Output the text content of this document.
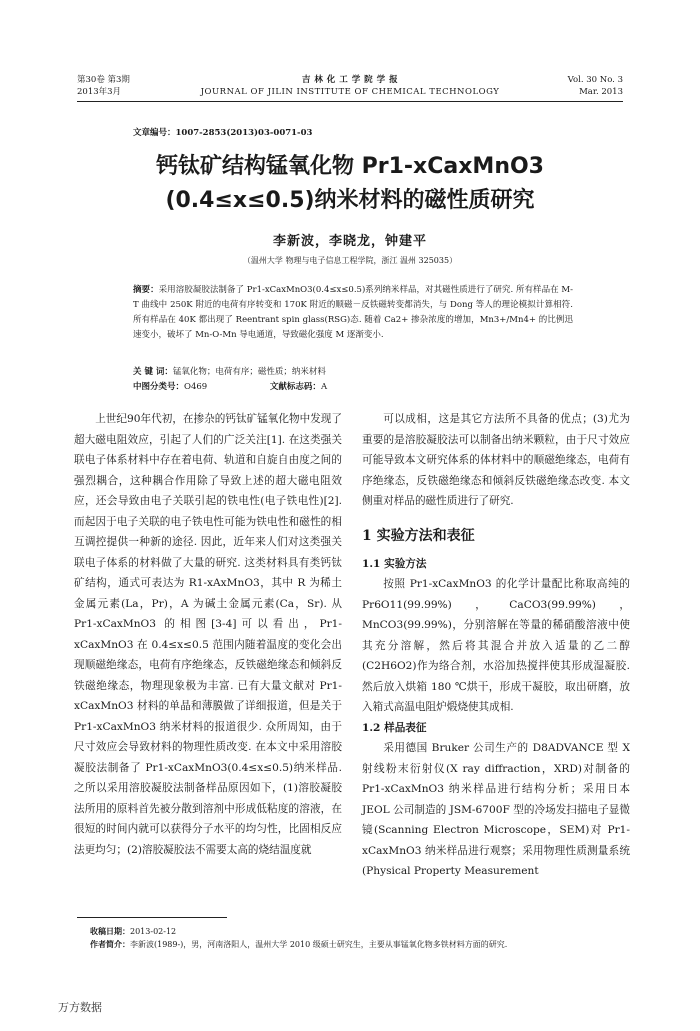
第30卷 第3期
2013年3月
吉 林 化 工 学 院 学 报
JOURNAL OF JILIN INSTITUTE OF CHEMICAL TECHNOLOGY
Vol. 30 No. 3
Mar. 2013
文章编号：1007-2853(2013)03-0071-03
钙钛矿结构锰氧化物 Pr1-xCaxMnO3
(0.4≤x≤0.5)纳米材料的磁性质研究
李新波，李晓龙，钟建平
（温州大学 物理与电子信息工程学院，浙江 温州 325035）
摘要：采用溶胶凝胶法制备了 Pr1-xCaxMnO3(0.4≤x≤0.5)系列纳米样品，对其磁性质进行了研究. 所有样品在 M-T 曲线中 250K 附近的电荷有序转变和 170K 附近的顺磁－反铁磁转变都消失，与 Dong 等人的理论模拟计算相符. 所有样品在 40K 都出现了 Reentrant spin glass(RSG)态. 随着 Ca2+ 掺杂浓度的增加，Mn3+/Mn4+ 的比例迅速变小，破坏了 Mn-O-Mn 导电通道，导致磁化强度 M 逐渐变小.
关 键 词：锰氧化物；电荷有序；磁性质；纳米材料
中图分类号：O469	文献标志码：A

上世纪90年代初，在掺杂的钙钛矿锰氧化物中发现了超大磁电阻效应，引起了人们的广泛关注[1]. 在这类强关联电子体系材料中存在着电荷、轨道和自旋自由度之间的强烈耦合，这种耦合作用除了导致上述的超大磁电阻效应，还会导致由电子关联引起的铁电性(电子铁电性)[2]. 而起因于电子关联的电子铁电性可能为铁电性和磁性的相互调控提供一种新的途径. 因此，近年来人们对这类强关联电子体系的材料做了大量的研究. 这类材料具有类钙钛矿结构，通式可表达为 R1-xAxMnO3，其中 R 为稀土金属元素(La，Pr)，A 为碱土金属元素(Ca，Sr). 从 Pr1-xCaxMnO3 的相图[3-4]可以看出，Pr1-xCaxMnO3 在 0.4≤x≤0.5 范围内随着温度的变化会出现顺磁绝缘态，电荷有序绝缘态，反铁磁绝缘态和倾斜反铁磁绝缘态，物理现象极为丰富. 已有大量文献对 Pr1-xCaxMnO3 材料的单晶和薄膜做了详细报道，但是关于 Pr1-xCaxMnO3 纳米材料的报道很少. 众所周知，由于尺寸效应会导致材料的物理性质改变. 在本文中采用溶胶凝胶法制备了 Pr1-xCaxMnO3(0.4≤x≤0.5)纳米样品. 之所以采用溶胶凝胶法制备样品原因如下，(1)溶胶凝胶法所用的原料首先被分散到溶剂中形成低粘度的溶液，在很短的时间内就可以获得分子水平的均匀性，比固相反应法更均匀；(2)溶胶凝胶法不需要太高的烧结温度就

可以成相，这是其它方法所不具备的优点；(3)尤为重要的是溶胶凝胶法可以制备出纳米颗粒，由于尺寸效应可能导致本文研究体系的体材料中的顺磁绝缘态，电荷有序绝缘态，反铁磁绝缘态和倾斜反铁磁绝缘态改变. 本文侧重对样品的磁性质进行了研究.

1 实验方法和表征
1.1 实验方法

按照 Pr1-xCaxMnO3 的化学计量配比称取高纯的 Pr6O11(99.99%)，CaCO3(99.99%)，MnCO3(99.99%)，分别溶解在等量的稀硝酸溶液中使其充分溶解，然后将其混合并放入适量的乙二醇(C2H6O2)作为络合剂，水浴加热搅拌使其形成湿凝胶. 然后放入烘箱 180 ℃烘干，形成干凝胶，取出研磨，放入箱式高温电阻炉煅烧使其成相.

1.2 样品表征

采用德国 Bruker 公司生产的 D8ADVANCE 型 X 射线粉末衍射仪(X ray diffraction，XRD)对制备的 Pr1-xCaxMnO3 纳米样品进行结构分析；采用日本 JEOL 公司制造的 JSM-6700F 型的冷场发扫描电子显微镜(Scanning Electron Microscope，SEM)对 Pr1-xCaxMnO3 纳米样品进行观察；采用物理性质测量系统(Physical Property Measurement

收稿日期：2013-02-12
作者简介：李新波(1989-)，男，河南洛阳人，温州大学 2010 级硕士研究生，主要从事锰氧化物多铁材料方面的研究.
万方数据
